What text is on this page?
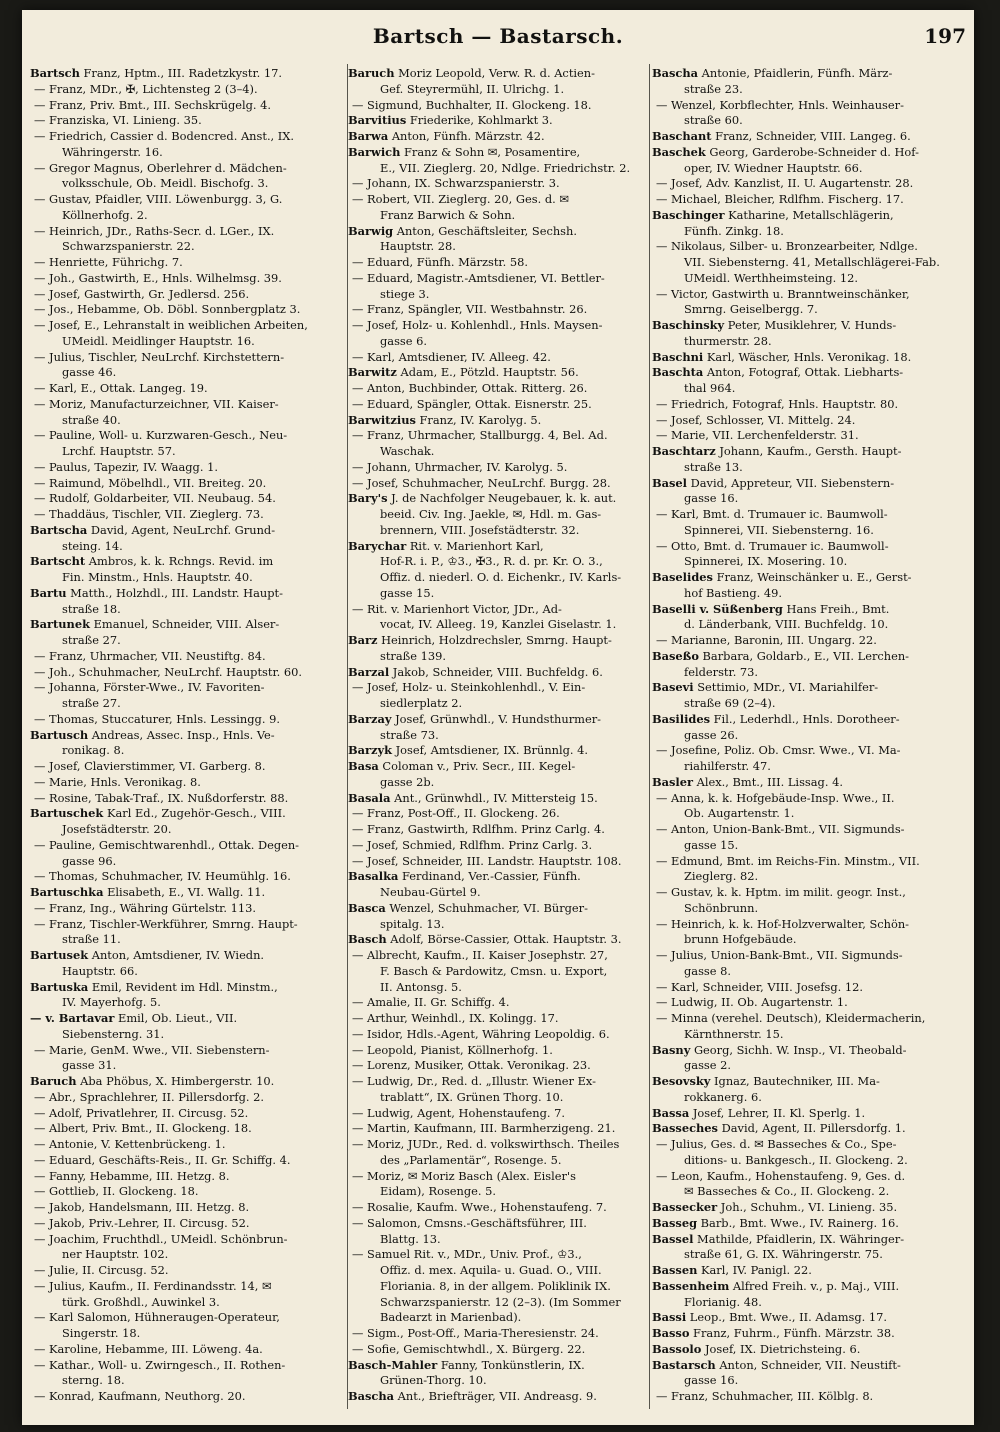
Bartsch — Bastarsch.	197
Bartsch Franz, Hptm., III. Radetzkystr. 17.
— Franz, MDr., ✠, Lichtensteg 2 (3–4).
— Franz, Priv. Bmt., III. Sechskrügelg. 4.
— Franziska, VI. Linieng. 35.
— Friedrich, Cassier d. Bodencred. Anst., IX.
Währingerstr. 16.
— Gregor Magnus, Oberlehrer d. Mädchen-
volksschule, Ob. Meidl. Bischofg. 3.
— Gustav, Pfaidler, VIII. Löwenburgg. 3, G.
Köllnerhofg. 2.
— Heinrich, JDr., Raths-Secr. d. LGer., IX.
Schwarzspanierstr. 22.
— Henriette, Führichg. 7.
— Joh., Gastwirth, E., Hnls. Wilhelmsg. 39.
— Josef, Gastwirth, Gr. Jedlersd. 256.
— Jos., Hebamme, Ob. Döbl. Sonnbergplatz 3.
— Josef, E., Lehranstalt in weiblichen Arbeiten,
UMeidl. Meidlinger Hauptstr. 16.
— Julius, Tischler, NeuLrchf. Kirchstettern-
gasse 46.
— Karl, E., Ottak. Langeg. 19.
— Moriz, Manufacturzeichner, VII. Kaiser-
straße 40.
— Pauline, Woll- u. Kurzwaren-Gesch., Neu-
Lrchf. Hauptstr. 57.
— Paulus, Tapezir, IV. Waagg. 1.
— Raimund, Möbelhdl., VII. Breiteg. 20.
— Rudolf, Goldarbeiter, VII. Neubaug. 54.
— Thaddäus, Tischler, VII. Zieglerg. 73.
Bartscha David, Agent, NeuLrchf. Grund-
steing. 14.
Bartscht Ambros, k. k. Rchngs. Revid. im
Fin. Minstm., Hnls. Hauptstr. 40.
Bartu Matth., Holzhdl., III. Landstr. Haupt-
straße 18.
Bartunek Emanuel, Schneider, VIII. Alser-
straße 27.
— Franz, Uhrmacher, VII. Neustiftg. 84.
— Joh., Schuhmacher, NeuLrchf. Hauptstr. 60.
— Johanna, Förster-Wwe., IV. Favoriten-
straße 27.
— Thomas, Stuccaturer, Hnls. Lessingg. 9.
Bartusch Andreas, Assec. Insp., Hnls. Ve-
ronikag. 8.
— Josef, Clavierstimmer, VI. Garberg. 8.
— Marie, Hnls. Veronikag. 8.
— Rosine, Tabak-Traf., IX. Nußdorferstr. 88.
Bartuschek Karl Ed., Zugehör-Gesch., VIII.
Josefstädterstr. 20.
— Pauline, Gemischtwarenhdl., Ottak. Degen-
gasse 96.
— Thomas, Schuhmacher, IV. Heumühlg. 16.
Bartuschka Elisabeth, E., VI. Wallg. 11.
— Franz, Ing., Währing Gürtelstr. 113.
— Franz, Tischler-Werkführer, Smrng. Haupt-
straße 11.
Bartusek Anton, Amtsdiener, IV. Wiedn.
Hauptstr. 66.
Bartuska Emil, Revident im Hdl. Minstm.,
IV. Mayerhofg. 5.
— v. Bartavar Emil, Ob. Lieut., VII.
Siebensterng. 31.
— Marie, GenM. Wwe., VII. Siebenstern-
gasse 31.
Baruch Aba Phöbus, X. Himbergerstr. 10.
— Abr., Sprachlehrer, II. Pillersdorfg. 2.
— Adolf, Privatlehrer, II. Circusg. 52.
— Albert, Priv. Bmt., II. Glockeng. 18.
— Antonie, V. Kettenbrückeng. 1.
— Eduard, Geschäfts-Reis., II. Gr. Schiffg. 4.
— Fanny, Hebamme, III. Hetzg. 8.
— Gottlieb, II. Glockeng. 18.
— Jakob, Handelsmann, III. Hetzg. 8.
— Jakob, Priv.-Lehrer, II. Circusg. 52.
— Joachim, Fruchthdl., UMeidl. Schönbrun-
ner Hauptstr. 102.
— Julie, II. Circusg. 52.
— Julius, Kaufm., II. Ferdinandsstr. 14, ✉
türk. Großhdl., Auwinkel 3.
— Karl Salomon, Hühneraugen-Operateur,
Singerstr. 18.
— Karoline, Hebamme, III. Löweng. 4a.
— Kathar., Woll- u. Zwirngesch., II. Rothen-
sterng. 18.
— Konrad, Kaufmann, Neuthorg. 20.
Baruch Moriz Leopold, Verw. R. d. Actien-
Gef. Steyrermühl, II. Ulrichg. 1.
— Sigmund, Buchhalter, II. Glockeng. 18.
Barvitius Friederike, Kohlmarkt 3.
Barwa Anton, Fünfh. Märzstr. 42.
Barwich Franz & Sohn ✉, Posamentire,
E., VII. Zieglerg. 20, Ndlge. Friedrichstr. 2.
— Johann, IX. Schwarzspanierstr. 3.
— Robert, VII. Zieglerg. 20, Ges. d. ✉
Franz Barwich & Sohn.
Barwig Anton, Geschäftsleiter, Sechsh.
Hauptstr. 28.
— Eduard, Fünfh. Märzstr. 58.
— Eduard, Magistr.-Amtsdiener, VI. Bettler-
stiege 3.
— Franz, Spängler, VII. Westbahnstr. 26.
— Josef, Holz- u. Kohlenhdl., Hnls. Maysen-
gasse 6.
— Karl, Amtsdiener, IV. Alleeg. 42.
Barwitz Adam, E., Pötzld. Hauptstr. 56.
— Anton, Buchbinder, Ottak. Ritterg. 26.
— Eduard, Spängler, Ottak. Eisnerstr. 25.
Barwitzius Franz, IV. Karolyg. 5.
— Franz, Uhrmacher, Stallburgg. 4, Bel. Ad.
Waschak.
— Johann, Uhrmacher, IV. Karolyg. 5.
— Josef, Schuhmacher, NeuLrchf. Burgg. 28.
Bary's J. de Nachfolger Neugebauer, k. k. aut.
beeid. Civ. Ing. Jaekle, ✉, Hdl. m. Gas-
brennern, VIII. Josefstädterstr. 32.
Barychar Rit. v. Marienhort Karl,
Hof-R. i. P., ♔3., ✠3., R. d. pr. Kr. O. 3.,
Offiz. d. niederl. O. d. Eichenkr., IV. Karls-
gasse 15.
— Rit. v. Marienhort Victor, JDr., Ad-
vocat, IV. Alleeg. 19, Kanzlei Giselastr. 1.
Barz Heinrich, Holzdrechsler, Smrng. Haupt-
straße 139.
Barzal Jakob, Schneider, VIII. Buchfeldg. 6.
— Josef, Holz- u. Steinkohlenhdl., V. Ein-
siedlerplatz 2.
Barzay Josef, Grünwhdl., V. Hundsthurmer-
straße 73.
Barzyk Josef, Amtsdiener, IX. Brünnlg. 4.
Basa Coloman v., Priv. Secr., III. Kegel-
gasse 2b.
Basala Ant., Grünwhdl., IV. Mittersteig 15.
— Franz, Post-Off., II. Glockeng. 26.
— Franz, Gastwirth, Rdlfhm. Prinz Carlg. 4.
— Josef, Schmied, Rdlfhm. Prinz Carlg. 3.
— Josef, Schneider, III. Landstr. Hauptstr. 108.
Basalka Ferdinand, Ver.-Cassier, Fünfh.
Neubau-Gürtel 9.
Basca Wenzel, Schuhmacher, VI. Bürger-
spitalg. 13.
Basch Adolf, Börse-Cassier, Ottak. Hauptstr. 3.
— Albrecht, Kaufm., II. Kaiser Josephstr. 27,
F. Basch & Pardowitz, Cmsn. u. Export,
II. Antonsg. 5.
— Amalie, II. Gr. Schiffg. 4.
— Arthur, Weinhdl., IX. Kolingg. 17.
— Isidor, Hdls.-Agent, Währing Leopoldig. 6.
— Leopold, Pianist, Köllnerhofg. 1.
— Lorenz, Musiker, Ottak. Veronikag. 23.
— Ludwig, Dr., Red. d. „Illustr. Wiener Ex-
trablatt“, IX. Grünen Thorg. 10.
— Ludwig, Agent, Hohenstaufeng. 7.
— Martin, Kaufmann, III. Barmherzigeng. 21.
— Moriz, JUDr., Red. d. volkswirthsch. Theiles
des „Parlamentär“, Rosenge. 5.
— Moriz, ✉ Moriz Basch (Alex. Eisler's
Eidam), Rosenge. 5.
— Rosalie, Kaufm. Wwe., Hohenstaufeng. 7.
— Salomon, Cmsns.-Geschäftsführer, III.
Blattg. 13.
— Samuel Rit. v., MDr., Univ. Prof., ♔3.,
Offiz. d. mex. Aquila- u. Guad. O., VIII.
Floriania. 8, in der allgem. Poliklinik IX.
Schwarzspanierstr. 12 (2–3). (Im Sommer
Badearzt in Marienbad).
— Sigm., Post-Off., Maria-Theresienstr. 24.
— Sofie, Gemischtwhdl., X. Bürgerg. 22.
Basch-Mahler Fanny, Tonkünstlerin, IX.
Grünen-Thorg. 10.
Bascha Ant., Briefträger, VII. Andreasg. 9.
Bascha Antonie, Pfaidlerin, Fünfh. März-
straße 23.
— Wenzel, Korbflechter, Hnls. Weinhauser-
straße 60.
Baschant Franz, Schneider, VIII. Langeg. 6.
Baschek Georg, Garderobe-Schneider d. Hof-
oper, IV. Wiedner Hauptstr. 66.
— Josef, Adv. Kanzlist, II. U. Augartenstr. 28.
— Michael, Bleicher, Rdlfhm. Fischerg. 17.
Baschinger Katharine, Metallschlägerin,
Fünfh. Zinkg. 18.
— Nikolaus, Silber- u. Bronzearbeiter, Ndlge.
VII. Siebensterng. 41, Metallschlägerei-Fab.
UMeidl. Werthheimsteing. 12.
— Victor, Gastwirth u. Branntweinschänker,
Smrng. Geiselbergg. 7.
Baschinsky Peter, Musiklehrer, V. Hunds-
thurmerstr. 28.
Baschni Karl, Wäscher, Hnls. Veronikag. 18.
Baschta Anton, Fotograf, Ottak. Liebharts-
thal 964.
— Friedrich, Fotograf, Hnls. Hauptstr. 80.
— Josef, Schlosser, VI. Mittelg. 24.
— Marie, VII. Lerchenfelderstr. 31.
Baschtarz Johann, Kaufm., Gersth. Haupt-
straße 13.
Basel David, Appreteur, VII. Siebenstern-
gasse 16.
— Karl, Bmt. d. Trumauer ic. Baumwoll-
Spinnerei, VII. Siebensterng. 16.
— Otto, Bmt. d. Trumauer ic. Baumwoll-
Spinnerei, IX. Mosering. 10.
Baselides Franz, Weinschänker u. E., Gerst-
hof Bastieng. 49.
Baselli v. Süßenberg Hans Freih., Bmt.
d. Länderbank, VIII. Buchfeldg. 10.
— Marianne, Baronin, III. Ungarg. 22.
Baseßo Barbara, Goldarb., E., VII. Lerchen-
felderstr. 73.
Basevi Settimio, MDr., VI. Mariahilfer-
straße 69 (2–4).
Basilides Fil., Lederhdl., Hnls. Dorotheer-
gasse 26.
— Josefine, Poliz. Ob. Cmsr. Wwe., VI. Ma-
riahilferstr. 47.
Basler Alex., Bmt., III. Lissag. 4.
— Anna, k. k. Hofgebäude-Insp. Wwe., II.
Ob. Augartenstr. 1.
— Anton, Union-Bank-Bmt., VII. Sigmunds-
gasse 15.
— Edmund, Bmt. im Reichs-Fin. Minstm., VII.
Zieglerg. 82.
— Gustav, k. k. Hptm. im milit. geogr. Inst.,
Schönbrunn.
— Heinrich, k. k. Hof-Holzverwalter, Schön-
brunn Hofgebäude.
— Julius, Union-Bank-Bmt., VII. Sigmunds-
gasse 8.
— Karl, Schneider, VIII. Josefsg. 12.
— Ludwig, II. Ob. Augartenstr. 1.
— Minna (verehel. Deutsch), Kleidermacherin,
Kärnthnerstr. 15.
Basny Georg, Sichh. W. Insp., VI. Theobald-
gasse 2.
Besovsky Ignaz, Bautechniker, III. Ma-
rokkanerg. 6.
Bassa Josef, Lehrer, II. Kl. Sperlg. 1.
Basseches David, Agent, II. Pillersdorfg. 1.
— Julius, Ges. d. ✉ Basseches & Co., Spe-
ditions- u. Bankgesch., II. Glockeng. 2.
— Leon, Kaufm., Hohenstaufeng. 9, Ges. d.
✉ Basseches & Co., II. Glockeng. 2.
Bassecker Joh., Schuhm., VI. Linieng. 35.
Basseg Barb., Bmt. Wwe., IV. Rainerg. 16.
Bassel Mathilde, Pfaidlerin, IX. Währinger-
straße 61, G. IX. Währingerstr. 75.
Bassen Karl, IV. Panigl. 22.
Bassenheim Alfred Freih. v., p. Maj., VIII.
Florianig. 48.
Bassi Leop., Bmt. Wwe., II. Adamsg. 17.
Basso Franz, Fuhrm., Fünfh. Märzstr. 38.
Bassolo Josef, IX. Dietrichsteing. 6.
Bastarsch Anton, Schneider, VII. Neustift-
gasse 16.
— Franz, Schuhmacher, III. Kölblg. 8.
